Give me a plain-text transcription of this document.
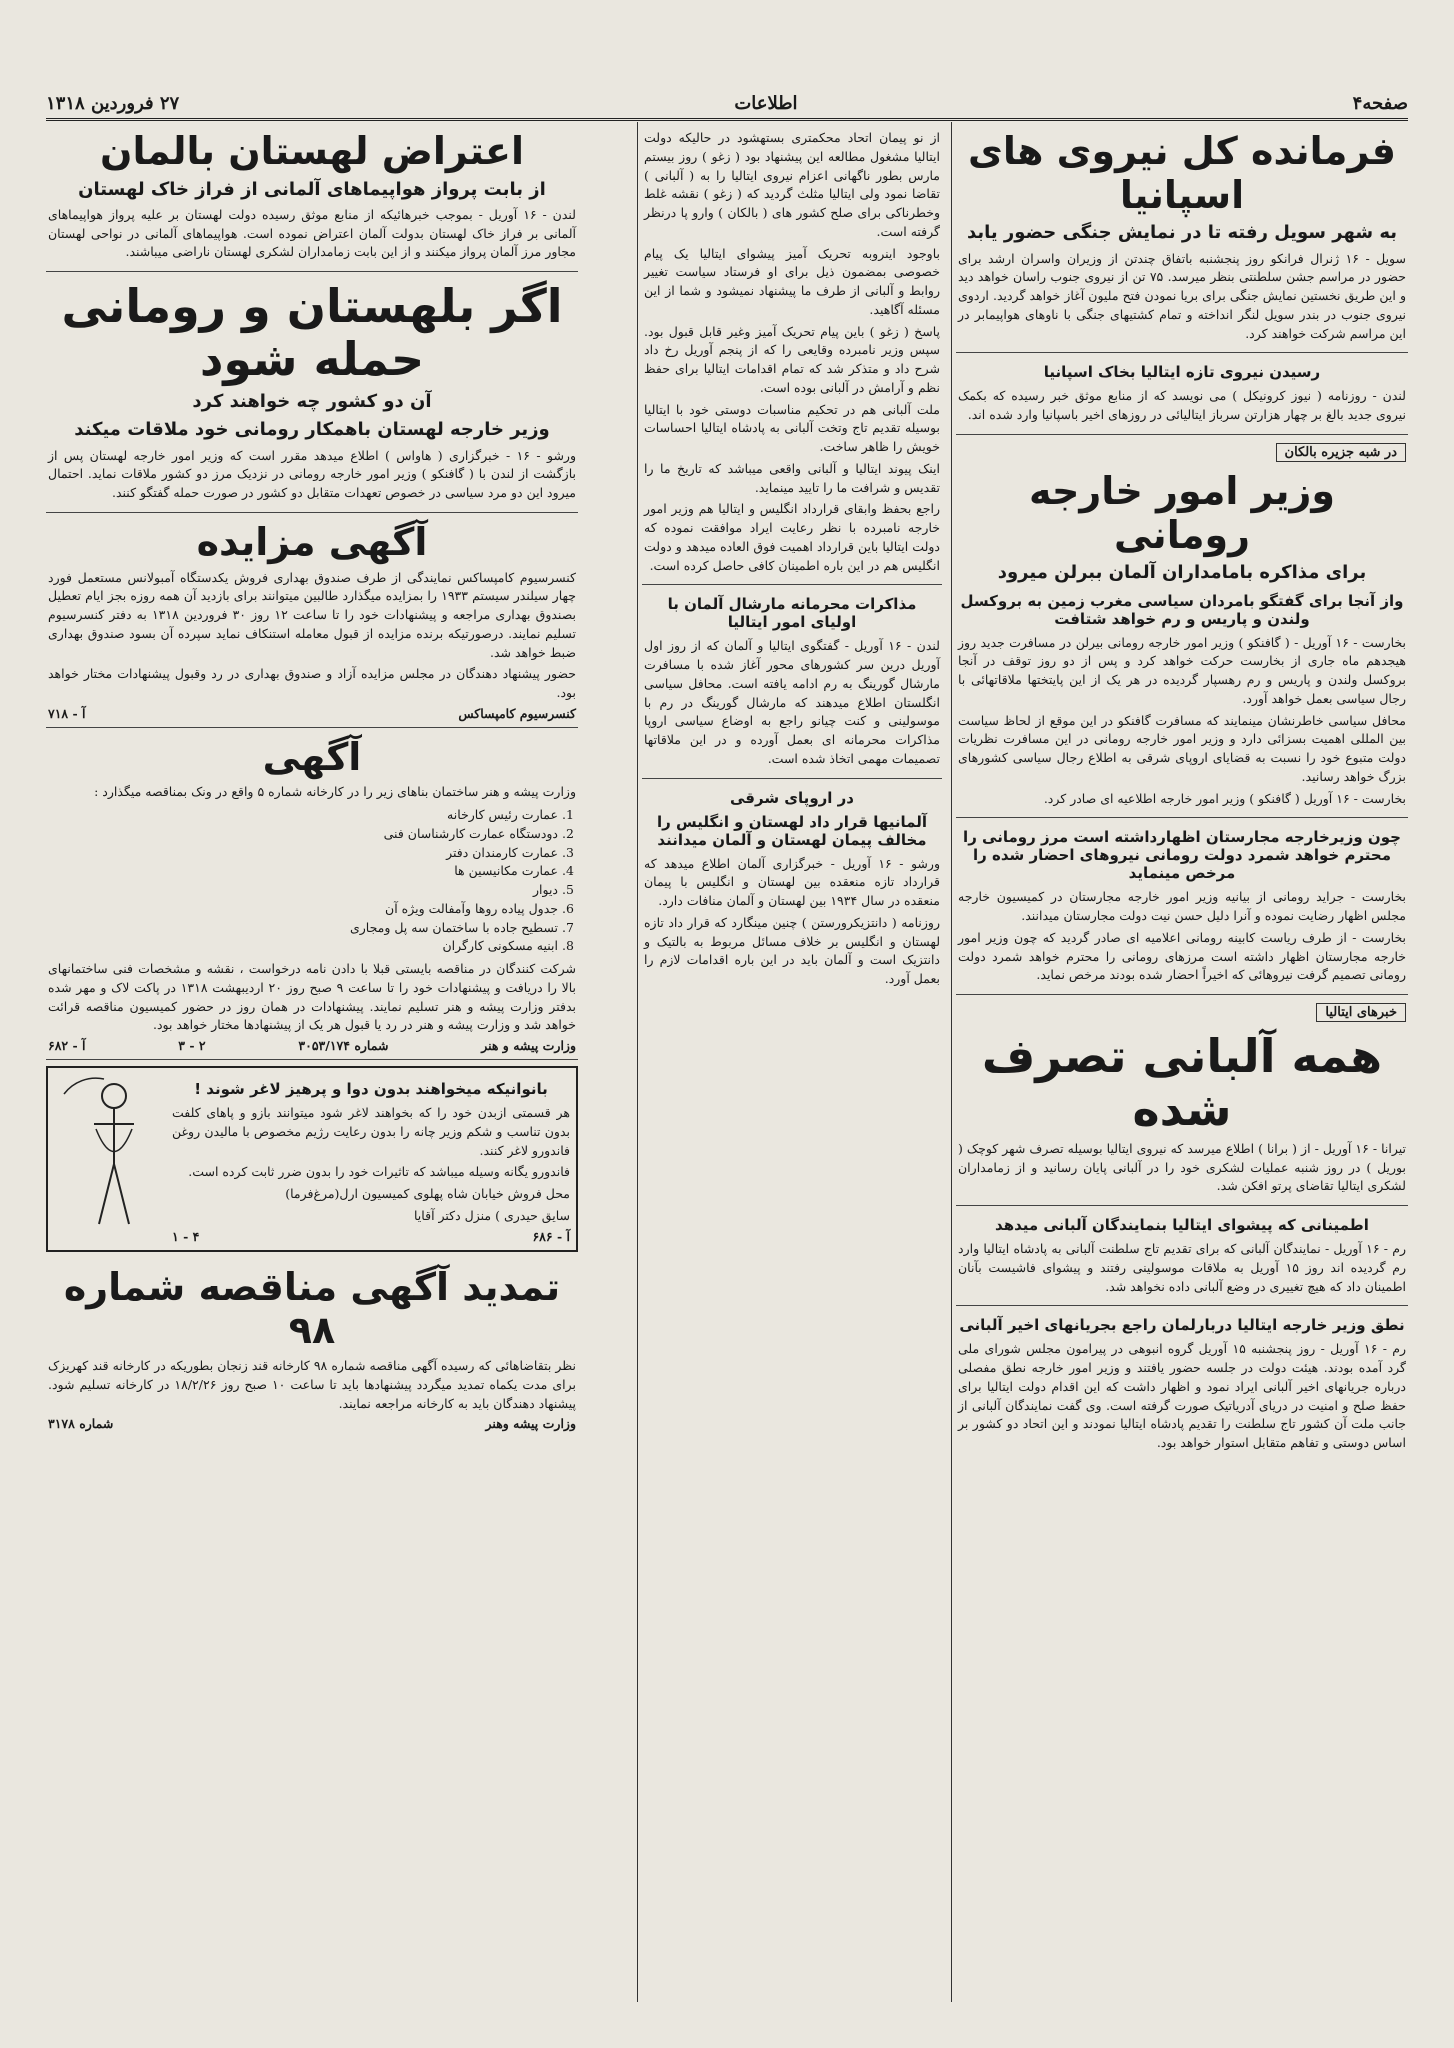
صفحه۴
اطلاعات
۲۷ فروردین ۱۳۱۸
فرمانده کل نیروی های اسپانیا
به شهر سویل رفته تا در نمایش جنگی حضور یابد

سویل - ۱۶ ژنرال فرانکو روز پنجشنبه باتفاق چندتن از وزیران واسران ارشد برای حضور در مراسم جشن سلطنتی بنظر میرسد. ۷۵ تن از نیروی جنوب راسان خواهد دید و این طریق نخستین نمایش جنگی برای بریا نمودن فتح مليون آغاز خواهد گردید. اردوی نیروی جنوب در بندر سویل لنگر انداخته و تمام کشتیهای جنگی با ناوهای هواپیمابر در این مراسم شرکت خواهند کرد.

رسیدن نیروی تازه ایتالیا بخاک اسپانیا

لندن - روزنامه ( نیوز کرونیکل ) می نویسد که از منابع موثق خبر رسیده که بکمک نیروی جدید بالغ بر چهار هزارتن سرباز ایتالیائی در روزهای اخیر باسپانیا وارد شده اند.

در شبه جزیره بالکان
وزیر امور خارجه رومانی
برای مذاکره بامامداران آلمان ببرلن میرود
واز آنجا برای گفتگو بامردان سیاسی مغرب زمین به بروکسل ولندن و پاریس و رم خواهد شتافت

بخارست - ۱۶ آوریل - ( گافنکو ) وزیر امور خارجه رومانی بیرلن در مسافرت جدید روز هیجدهم ماه جاری از بخارست حرکت خواهد کرد و پس از دو روز توقف در آنجا بروکسل ولندن و پاریس و رم رهسپار گردیده در هر یک از این پایتختها ملاقاتهائی با رجال سیاسی بعمل خواهد آورد.

محافل سیاسی خاطرنشان مینمایند که مسافرت گافنکو در این موقع از لحاظ سیاست بین المللی اهمیت بسزائی دارد و وزیر امور خارجه رومانی در این مسافرت نظریات دولت متبوع خود را نسبت به قضایای اروپای شرقی به اطلاع رجال سیاسی کشورهای بزرگ خواهد رسانید.

بخارست - ۱۶ آوریل ( گافنکو ) وزیر امور خارجه اطلاعیه ای صادر کرد.

چون وزیرخارجه مجارستان اظهارداشته است مرز رومانی را محترم خواهد شمرد دولت رومانی نیروهای احضار شده را مرخص مینماید

بخارست - جراید رومانی از بیانیه وزیر امور خارجه مجارستان در کمیسیون خارجه مجلس اظهار رضایت نموده و آنرا دلیل حسن نیت دولت مجارستان میدانند.

بخارست - از طرف ریاست کابینه رومانی اعلامیه ای صادر گردید که چون وزیر امور خارجه مجارستان اظهار داشته است مرزهای رومانی را محترم خواهد شمرد دولت رومانی تصمیم گرفت نیروهائی که اخیراً احضار شده بودند مرخص نماید.

خبرهای ایتالیا
همه آلبانی تصرف شده

تیرانا - ۱۶ آوریل - از ( برانا ) اطلاع میرسد که نیروی ایتالیا بوسیله تصرف شهر کوچک ( بوریل ) در روز شنبه عملیات لشکری خود را در آلبانی پایان رسانید و از زمامداران لشکری ایتالیا تقاضای پرتو افکن شد.

اطمینانی که پیشوای ایتالیا بنمایندگان آلبانی میدهد

رم - ۱۶ آوریل - نمایندگان آلبانی که برای تقدیم تاج سلطنت آلبانی به پادشاه ایتالیا وارد رم گردیده اند روز ۱۵ آوریل به ملاقات موسولینی رفتند و پیشوای فاشیست بآنان اطمینان داد که هیچ تغییری در وضع آلبانی داده نخواهد شد.

نطق وزیر خارجه ایتالیا دربارلمان راجع بجریانهای اخیر آلبانی

رم - ۱۶ آوریل - روز پنجشنبه ۱۵ آوریل گروه انبوهی در پیرامون مجلس شورای ملی گرد آمده بودند. هیئت دولت در جلسه حضور یافتند و وزیر امور خارجه نطق مفصلی درباره جریانهای اخیر آلبانی ایراد نمود و اظهار داشت که این اقدام دولت ایتالیا برای حفظ صلح و امنیت در دریای آدریاتیک صورت گرفته است. وی گفت نمایندگان آلبانی از جانب ملت آن کشور تاج سلطنت را تقدیم پادشاه ایتالیا نمودند و این اتحاد دو کشور بر اساس دوستی و تفاهم متقابل استوار خواهد بود.

از نو پیمان اتحاد محکمتری بستهشود در حالیکه دولت ایتالیا مشغول مطالعه این پیشنهاد بود ( زغو ) روز بیستم مارس بطور ناگهانی اعزام نیروی ایتالیا را به ( آلبانی ) تقاضا نمود ولی ایتالیا مثلث گردید که ( زغو ) نقشه غلط وخطرناکی برای صلح کشور های ( بالکان ) وارو پا درنظر گرفته است.

باوجود اینروبه تحریک آمیز پیشوای ایتالیا یک پیام خصوصی بمضمون ذیل برای او فرستاد سیاست تغییر روابط و آلبانی از طرف ما پیشنهاد نمیشود و شما از این مسئله آگاهید.

پاسخ ( زغو ) باین پیام تحریک آمیز وغیر قابل قبول بود. سپس وزیر نامبرده وقایعی را که از پنجم آوریل رخ داد شرح داد و متذکر شد که تمام اقدامات ایتالیا برای حفظ نظم و آرامش در آلبانی بوده است.

ملت آلبانی هم در تحکیم مناسبات دوستی خود با ایتالیا بوسیله تقدیم تاج وتخت آلبانی به پادشاه ایتالیا احساسات خویش را ظاهر ساخت.

اینک پیوند ایتالیا و آلبانی واقعی میباشد که تاریخ ما را تقدیس و شرافت ما را تایید مینماید.

راجع بحفظ وابقای قرارداد انگلیس و ایتالیا هم وزیر امور خارجه نامبرده با نظر رعایت ایراد موافقت نموده که دولت ایتالیا باین قرارداد اهمیت فوق العاده میدهد و دولت انگلیس هم در این باره اطمینان کافی حاصل کرده است.

مذاکرات محرمانه مارشال آلمان با اولیای امور ایتالیا

لندن - ۱۶ آوریل - گفتگوی ایتالیا و آلمان که از روز اول آوریل درین سر کشورهای محور آغاز شده با مسافرت مارشال گورینگ به رم ادامه یافته است. محافل سیاسی انگلستان اطلاع میدهند که مارشال گورینگ در رم با موسولینی و کنت چیانو راجع به اوضاع سیاسی اروپا مذاکرات محرمانه ای بعمل آورده و در این ملاقاتها تصمیمات مهمی اتخاذ شده است.

در اروپای شرقی
آلمانیها قرار داد لهستان و انگلیس را مخالف پیمان لهستان و آلمان میدانند

ورشو - ۱۶ آوریل - خبرگزاری آلمان اطلاع میدهد که قرارداد تازه منعقده بین لهستان و انگلیس با پیمان منعقده در سال ۱۹۳۴ بین لهستان و آلمان منافات دارد.

روزنامه ( دانتزیکرورستن ) چنین مینگارد که قرار داد تازه لهستان و انگلیس بر خلاف مسائل مربوط به بالتیک و دانتزیک است و آلمان باید در این باره اقدامات لازم را بعمل آورد.

اعتراض لهستان بالمان
از بابت پرواز هواپیماهای آلمانی از فراز خاک لهستان

لندن - ۱۶ آوریل - بموجب خبرهائیکه از منابع موثق رسیده دولت لهستان بر علیه پرواز هواپیماهای آلمانی بر فراز خاک لهستان بدولت آلمان اعتراض نموده است. هواپیماهای آلمانی در نواحی لهستان مجاور مرز آلمان پرواز میکنند و از این بابت زمامداران لشکری لهستان ناراضی میباشند.

اگر بلهستان و رومانی حمله شود
آن دو کشور چه خواهند کرد
وزیر خارجه لهستان باهمکار رومانی خود ملاقات میکند

ورشو - ۱۶ - خبرگزاری ( هاواس ) اطلاع میدهد مقرر است که وزیر امور خارجه لهستان پس از بازگشت از لندن با ( گافنکو ) وزیر امور خارجه رومانی در نزدیک مرز دو کشور ملاقات نماید. احتمال میرود این دو مرد سیاسی در خصوص تعهدات متقابل دو کشور در صورت حمله گفتگو کنند.

آگهی مزایده

کنسرسیوم کامپساکس نمایندگی از طرف صندوق بهداری فروش یکدستگاه آمبولانس مستعمل فورد چهار سیلندر سیستم ۱۹۳۳ را بمزایده میگذارد طالبین میتوانند برای بازدید آن همه روزه بجز ایام تعطیل بصندوق بهداری مراجعه و پیشنهادات خود را تا ساعت ۱۲ روز ۳۰ فروردین ۱۳۱۸ به دفتر کنسرسیوم تسلیم نمایند. درصورتیکه برنده مزایده از قبول معامله استنکاف نماید سپرده آن بسود صندوق بهداری ضبط خواهد شد.

حضور پیشنهاد دهندگان در مجلس مزایده آزاد و صندوق بهداری در رد وقبول پیشنهادات مختار خواهد بود.

کنسرسیوم کامپساکس
آ - ۷۱۸
آگهی

وزارت پیشه و هنر ساختمان بناهای زیر را در کارخانه شماره ۵ واقع در ونک بمناقصه میگذارد :

1. عمارت رئیس کارخانه
2. دودستگاه عمارت کارشناسان فنی
3. عمارت کارمندان دفتر
4. عمارت مکانیسین ها
5. دیوار
6. جدول پیاده روها وآمفالت ویژه آن
7. تسطیح جاده با ساختمان سه پل ومجاری
8. ابنیه مسکونی کارگران

شرکت کنندگان در مناقصه بایستی قبلا با دادن نامه درخواست ، نقشه و مشخصات فنی ساختمانهای بالا را دریافت و پیشنهادات خود را تا ساعت ۹ صبح روز ۲۰ اردیبهشت ۱۳۱۸ در پاکت لاک و مهر شده بدفتر وزارت پیشه و هنر تسلیم نمایند. پیشنهادات در همان روز در حضور کمیسیون مناقصه قرائت خواهد شد و وزارت پیشه و هنر در رد یا قبول هر یک از پیشنهادها مختار خواهد بود.

وزارت پیشه و هنر
شماره ۳۰۵۳/۱۷۴
۲ - ۳
آ - ۶۸۲
بانوانیکه میخواهند بدون دوا و پرهیز لاغر شوند !

هر قسمتی ازبدن خود را که بخواهند لاغر شود میتوانند بازو و پاهای کلفت بدون تناسب و شکم وزیر چانه را بدون رعایت رژیم مخصوص با مالیدن روغن فاندورو لاغر کنند.

فاندورو یگانه وسیله میباشد که تاثیرات خود را بدون ضرر ثابت کرده است.

محل فروش خیابان شاه پهلوی کمیسیون ارل(مرغ‌فرما)

سایق حیدری ) منزل دکتر آقایا

آ - ۶۸۶
۴ - ۱
تمدید آگهی مناقصه شماره ۹۸

نظر بتقاضاهائی که رسیده آگهی مناقصه شماره ۹۸ کارخانه قند زنجان بطوریکه در کارخانه قند کهریزک برای مدت یکماه تمدید میگردد پیشنهادها باید تا ساعت ۱۰ صبح روز ۱۸/۲/۲۶ در کارخانه تسلیم شود. پیشنهاد دهندگان باید به کارخانه مراجعه نمایند.

وزارت پیشه وهنر
شماره ۳۱۷۸
